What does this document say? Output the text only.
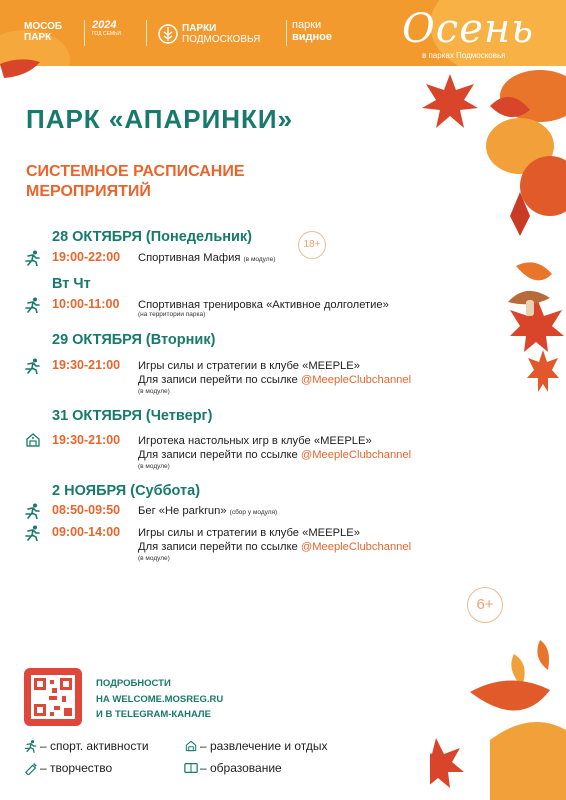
МОСОБ
ПАРК
2024
ГОД СЕМЬИ	ПАРКИ
ПОДМОСКОВЬЯ
парки
видное Осень
в парках Подмосковья
ПАРК «АПАРИНКИ»
СИСТЕМНОЕ РАСПИСАНИЕ МЕРОПРИЯТИЙ
18+
28 ОКТЯБРЯ (Понедельник)
19:00-22:00 Спортивная Мафия (в модуле)
Вт Чт
10:00-11:00 Спортивная тренировка «Активное долголетие»
(на территории парка)
29 ОКТЯБРЯ (Вторник)
19:30-21:00 Игры силы и стратегии в клубе «MEEPLE»
Для записи перейти по ссылке @MeepleClubchannel
(в модуле)
31 ОКТЯБРЯ (Четверг)
19:30-21:00 Игротека настольных игр в клубе «MEEPLE»
Для записи перейти по ссылке @MeepleClubchannel
(в модуле)
2 НОЯБРЯ (Суббота)
08:50-09:50 Бег «Не parkrun» (сбор у модуля)
09:00-14:00 Игры силы и стратегии в клубе «MEEPLE»
Для записи перейти по ссылке @MeepleClubchannel
(в модуле)
6+
ПОДРОБНОСТИ
НА WELCOME.MOSREG.RU
И В TELEGRAM-КАНАЛЕ
– спорт. активности	– развлечение и отдых
– творчество	– образование
